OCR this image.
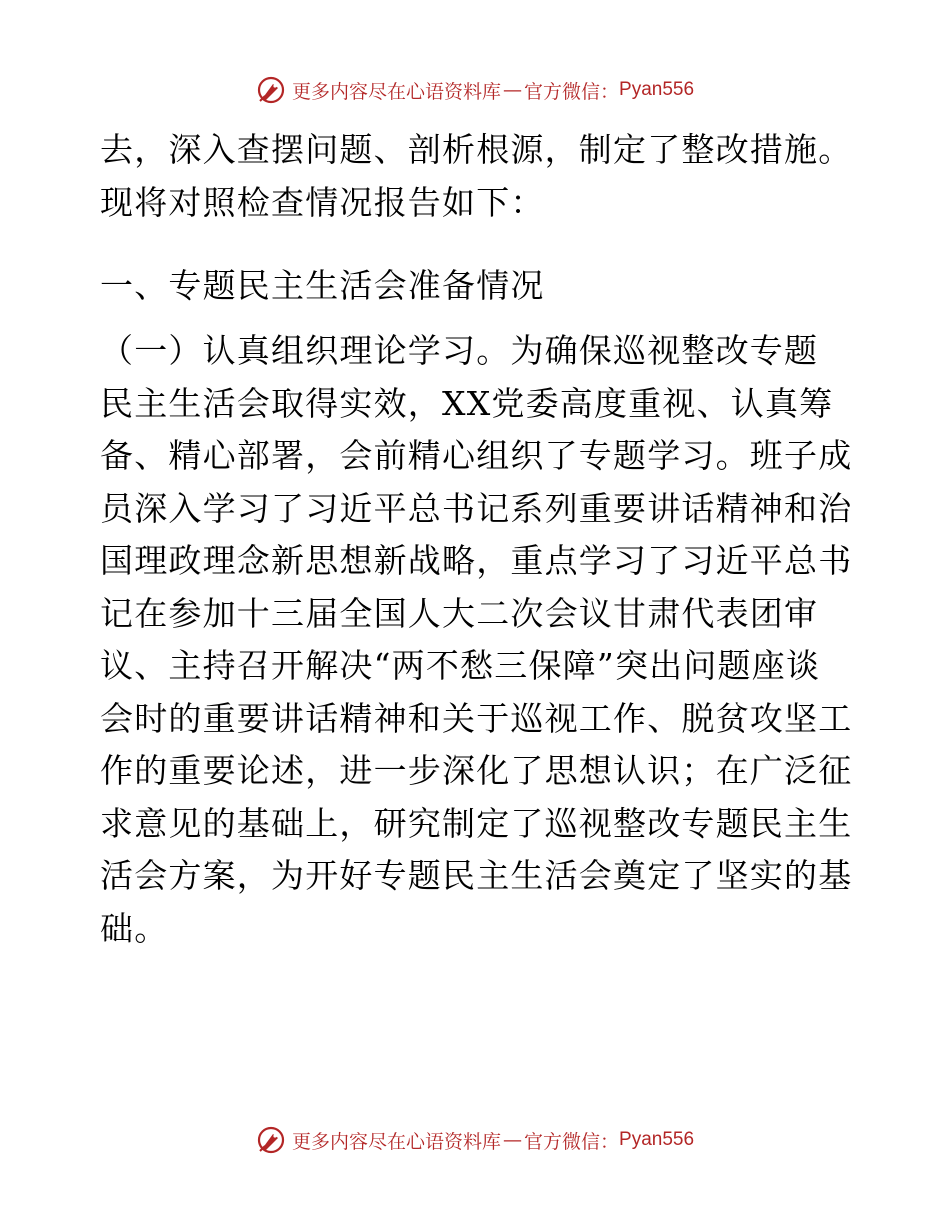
更多内容尽在心语资料库 — 官方微信 ： Pyan556
去，深入查摆问题、剖析根源，制定了整改措施。
现将对照检查情况报告如下：
一、专题民主生活会准备情况
（一）认真组织理论学习。为确保巡视整改专题
民主生活会取得实效，XX党委高度重视、认真筹
备、精心部署，会前精心组织了专题学习。班子成
员深入学习了习近平总书记系列重要讲话精神和治
国理政理念新思想新战略，重点学习了习近平总书
记在参加十三届全国人大二次会议甘肃代表团审
议、主持召开解决“两不愁三保障”突出问题座谈
会时的重要讲话精神和关于巡视工作、脱贫攻坚工
作的重要论述，进一步深化了思想认识；在广泛征
求意见的基础上，研究制定了巡视整改专题民主生
活会方案，为开好专题民主生活会奠定了坚实的基
础。
更多内容尽在心语资料库 — 官方微信 ： Pyan556
